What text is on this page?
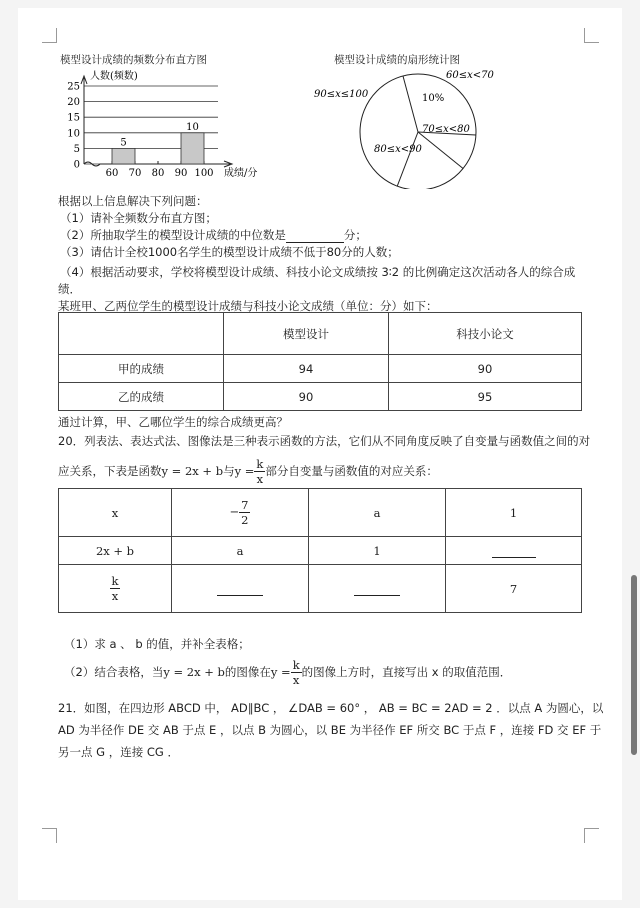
模型设计成绩的频数分布直方图
0
5
10
15
20
25
60 70 80 90 100
5
10
人数(频数)
成绩/分
模型设计成绩的扇形统计图
90≤x≤100
60≤x<70
10%
70≤x<80
80≤x<90
根据以上信息解决下列问题：
（1）请补全频数分布直方图；
（2）所抽取学生的模型设计成绩的中位数是	分；
（3）请估计全校1000名学生的模型设计成绩不低于80分的人数；
（4）根据活动要求，学校将模型设计成绩、科技小论文成绩按 3∶2 的比例确定这次活动各人的综合成
绩．
某班甲、乙两位学生的模型设计成绩与科技小论文成绩（单位：分）如下：
	模型设计	科技小论文
甲的成绩	94	90
乙的成绩	90	95
通过计算，甲、乙哪位学生的综合成绩更高？
20．列表法、表达式法、图像法是三种表示函数的方法，它们从不同角度反映了自变量与函数值之间的对
应关系，下表是函数y = 2x + b与$y = \frac{k}{x}$ 部分自变量与函数值的对应关系：
x	− $\frac{7}{2}$	a	1
2x + b	a	1	

$\frac{k}{x}$			7
（1）求 a 、 b 的值，并补全表格；
（2）结合表格，当y = 2x + b的图像在$y = \frac{k}{x}$ 的图像上方时，直接写出 x 的取值范围．
21．如图，在四边形 ABCD 中， AD∥BC ， ∠DAB = 60° ， AB = BC = 2AD = 2 ．以点 A 为圆心，以
AD 为半径作 DE 交 AB 于点 E ，以点 B 为圆心，以 BE 为半径作 EF 所交 BC 于点 F ，连接 FD 交 EF 于
另一点 G ，连接 CG ．
